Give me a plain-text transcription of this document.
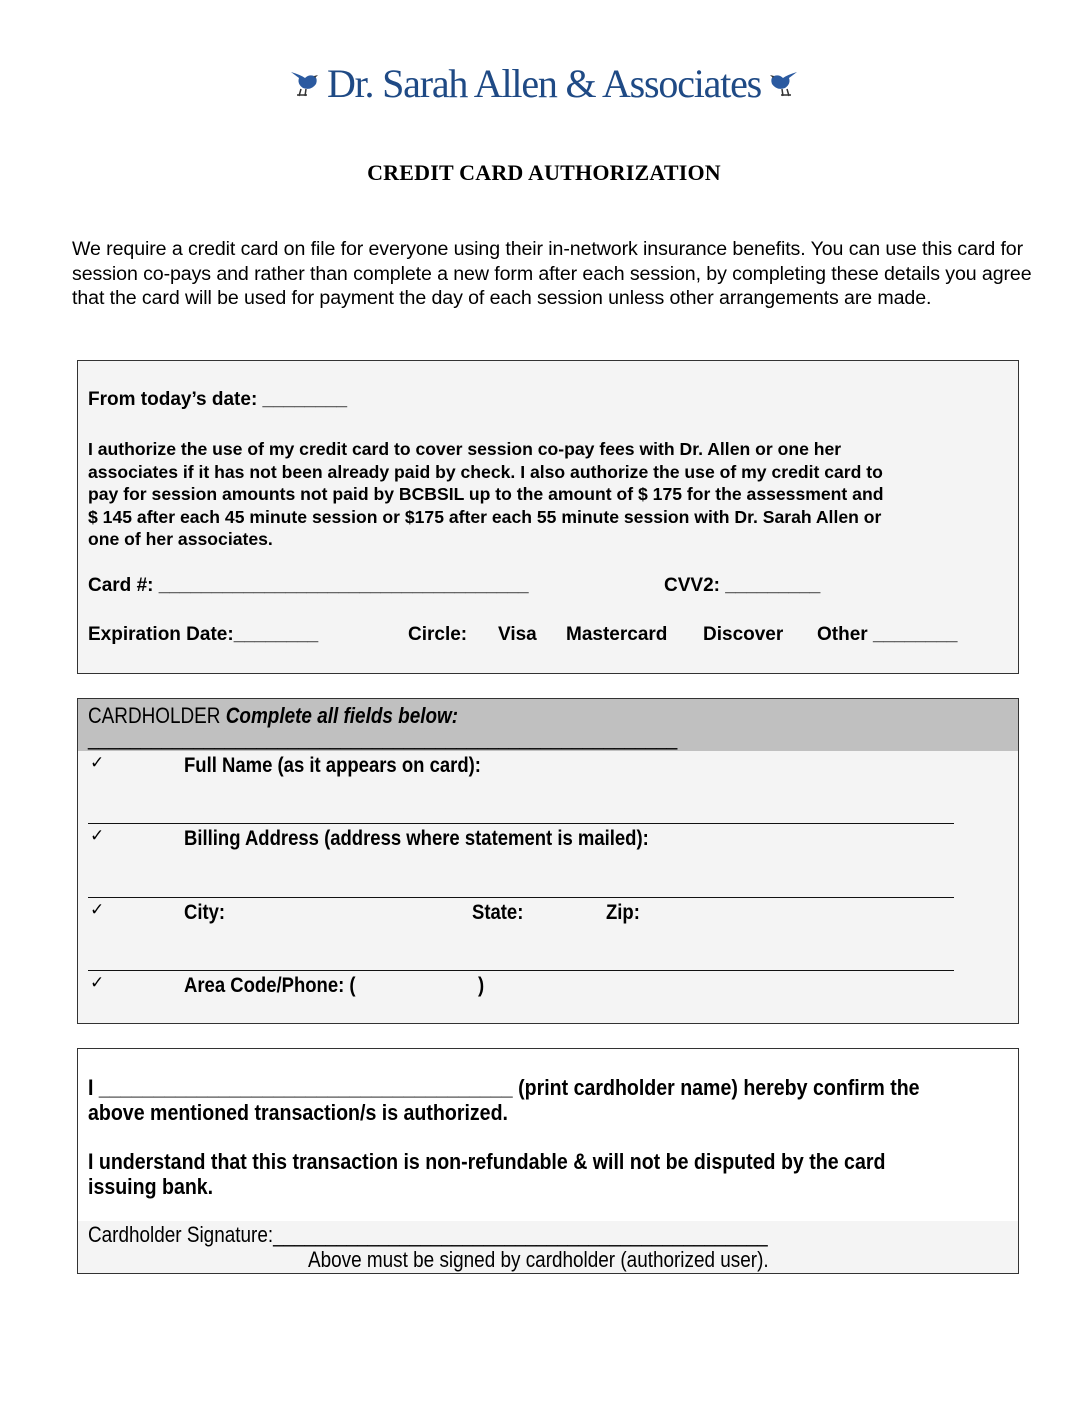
Dr. Sarah Allen & Associates
CREDIT CARD AUTHORIZATION
We require a credit card on file for everyone using their in-network insurance benefits. You can use this card for session co-pays and rather than complete a new form after each session, by completing these details you agree that the card will be used for payment the day of each session unless other arrangements are made.
From today’s date: ________
I authorize the use of my credit card to cover session co-pay fees with Dr. Allen or one her
associates if it has not been already paid by check. I also authorize the use of my credit card to
pay for session amounts not paid by BCBSIL up to the amount of $ 175 for the assessment and
$ 145 after each 45 minute session or $175 after each 55 minute session with Dr. Sarah Allen or
one of her associates.
Card #: ___________________________________	CVV2: _________
Expiration Date:________	Circle: Visa Mastercard Discover Other ________
CARDHOLDER Complete all fields below:
________________________________________________________
✓	Full Name (as it appears on card):
✓	Billing Address (address where statement is mailed):
✓	City:	State:	Zip:
✓	Area Code/Phone: (	)
I ______________________________________ (print cardholder name) hereby confirm the
above mentioned transaction/s is authorized.
I understand that this transaction is non-refundable & will not be disputed by the card
issuing bank.
Cardholder Signature:_______________________________________________
Above must be signed by cardholder (authorized user).
